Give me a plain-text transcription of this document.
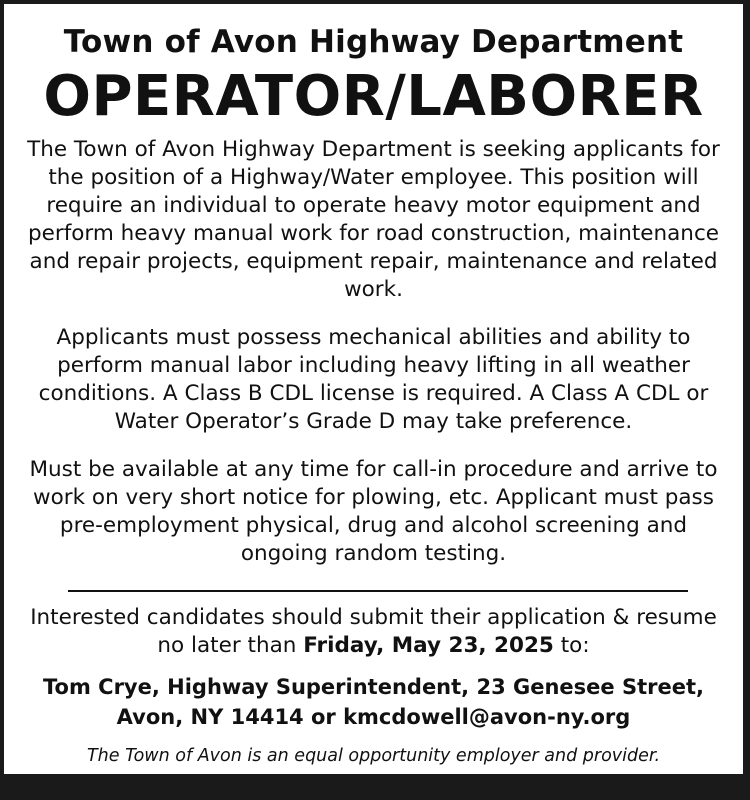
Town of Avon Highway Department
OPERATOR/LABORER

The Town of Avon Highway Department is seeking applicants for the position of a Highway/Water employee. This position will require an individual to operate heavy motor equipment and perform heavy manual work for road construction, maintenance and repair projects, equipment repair, maintenance and related work.

Applicants must possess mechanical abilities and ability to perform manual labor including heavy lifting in all weather conditions. A Class B CDL license is required. A Class A CDL or Water Operator’s Grade D may take preference.

Must be available at any time for call-in procedure and arrive to work on very short notice for plowing, etc. Applicant must pass pre-employment physical, drug and alcohol screening and ongoing random testing.

Interested candidates should submit their application & resume no later than Friday, May 23, 2025 to:

Tom Crye, Highway Superintendent, 23 Genesee Street, Avon, NY 14414 or kmcdowell@avon-ny.org

The Town of Avon is an equal opportunity employer and provider.
